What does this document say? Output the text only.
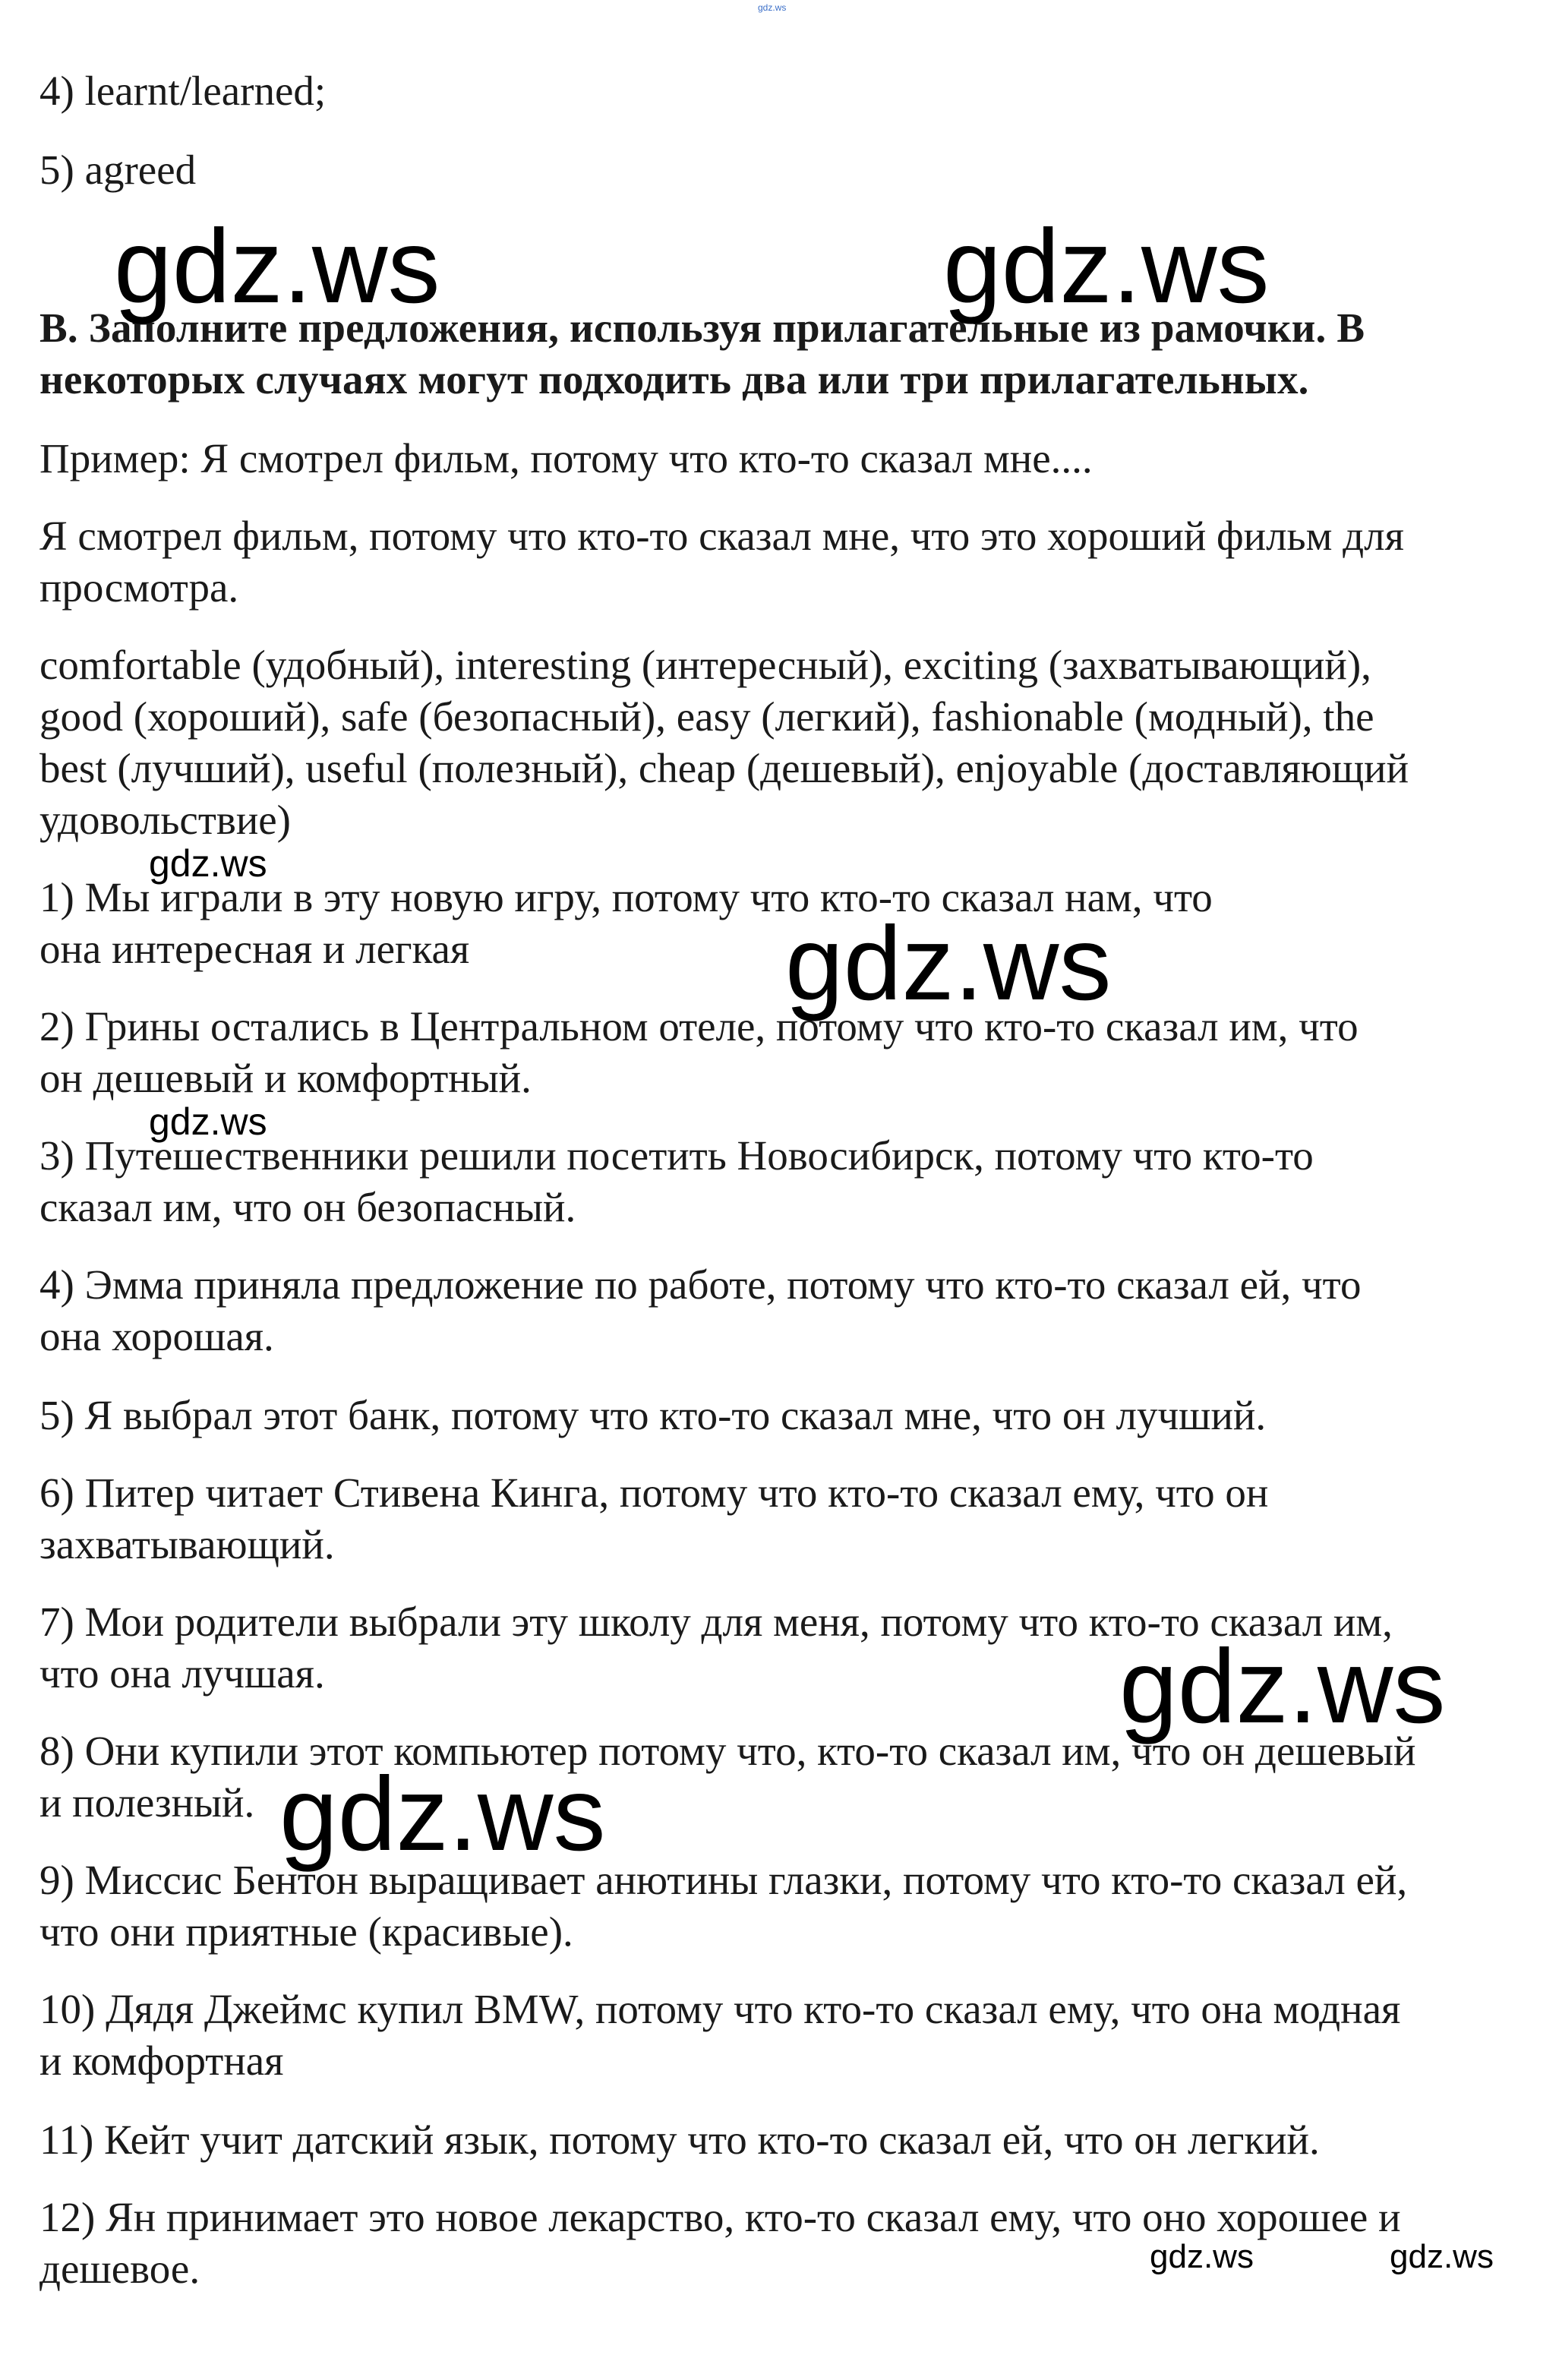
4) learnt/learned;
5) agreed
B. Заполните предложения, используя прилагательные из рамочки. В
некоторых случаях могут подходить два или три прилагательных.
Пример: Я смотрел фильм, потому что кто-то сказал мне....
Я смотрел фильм, потому что кто-то сказал мне, что это хороший фильм для
просмотра.
comfortable (удобный), interesting (интересный), exciting (захватывающий),
good (хороший), safe (безопасный), easy (легкий), fashionable (модный), the
best (лучший), useful (полезный), cheap (дешевый), enjoyable (доставляющий
удовольствие)
1) Мы играли в эту новую игру, потому что кто-то сказал нам, что
она интересная и легкая
2) Грины остались в Центральном отеле, потому что кто-то сказал им, что
он дешевый и комфортный.
3) Путешественники решили посетить Новосибирск, потому что кто-то
сказал им, что он безопасный.
4) Эмма приняла предложение по работе, потому что кто-то сказал ей, что
она хорошая.
5) Я выбрал этот банк, потому что кто-то сказал мне, что он лучший.
6) Питер читает Стивена Кинга, потому что кто-то сказал ему, что он
захватывающий.
7) Мои родители выбрали эту школу для меня, потому что кто-то сказал им,
что она лучшая.
8) Они купили этот компьютер потому что, кто-то сказал им, что он дешевый
и полезный.
9) Миссис Бентон выращивает анютины глазки, потому что кто-то сказал ей,
что они приятные (красивые).
10) Дядя Джеймс купил BMW, потому что кто-то сказал ему, что она модная
и комфортная
11) Кейт учит датский язык, потому что кто-то сказал ей, что он легкий.
12) Ян принимает это новое лекарство, кто-то сказал ему, что оно хорошее и
дешевое.
gdz.ws
gdz.ws	gdz.ws
gdz.ws
gdz.ws
gdz.ws
gdz.ws
gdz.ws
gdz.ws	gdz.ws
